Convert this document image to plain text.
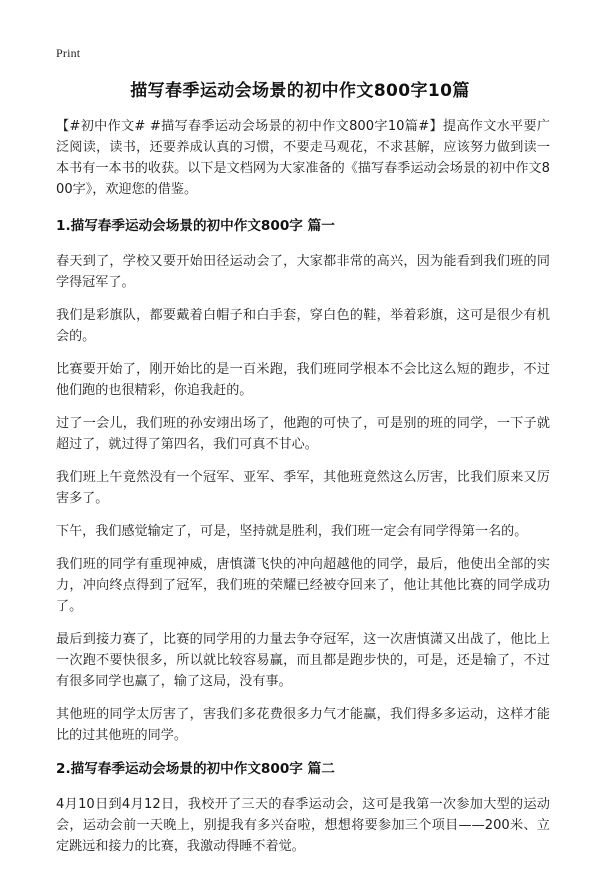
Print
描写春季运动会场景的初中作文800字10篇

【#初中作文# #描写春季运动会场景的初中作文800字10篇#】提高作文水平要广泛阅读，读书，还要养成认真的习惯，不要走马观花，不求甚解，应该努力做到读一本书有一本书的收获。以下是文档网为大家准备的《描写春季运动会场景的初中作文800字》，欢迎您的借鉴。

1.描写春季运动会场景的初中作文800字 篇一

春天到了，学校又要开始田径运动会了，大家都非常的高兴，因为能看到我们班的同学得冠军了。

我们是彩旗队，都要戴着白帽子和白手套，穿白色的鞋，举着彩旗，这可是很少有机会的。

比赛要开始了，刚开始比的是一百米跑，我们班同学根本不会比这么短的跑步，不过他们跑的也很精彩，你追我赶的。

过了一会儿，我们班的孙安翊出场了，他跑的可快了，可是别的班的同学，一下子就超过了，就过得了第四名，我们可真不甘心。

我们班上午竟然没有一个冠军、亚军、季军，其他班竟然这么厉害，比我们原来又厉害多了。

下午，我们感觉输定了，可是，坚持就是胜利，我们班一定会有同学得第一名的。

我们班的同学有重现神威，唐慎潇飞快的冲向超越他的同学，最后，他使出全部的实力，冲向终点得到了冠军，我们班的荣耀已经被夺回来了，他让其他比赛的同学成功了。

最后到接力赛了，比赛的同学用的力量去争夺冠军，这一次唐慎潇又出战了，他比上一次跑不要快很多，所以就比较容易赢，而且都是跑步快的，可是，还是输了，不过有很多同学也赢了，输了这局，没有事。

其他班的同学太厉害了，害我们多花费很多力气才能赢，我们得多多运动，这样才能比的过其他班的同学。

2.描写春季运动会场景的初中作文800字 篇二

4月10日到4月12日，我校开了三天的春季运动会，这可是我第一次参加大型的运动会，运动会前一天晚上，别提我有多兴奋啦，想想将要参加三个项目——200米、立定跳远和接力的比赛，我激动得睡不着觉。
